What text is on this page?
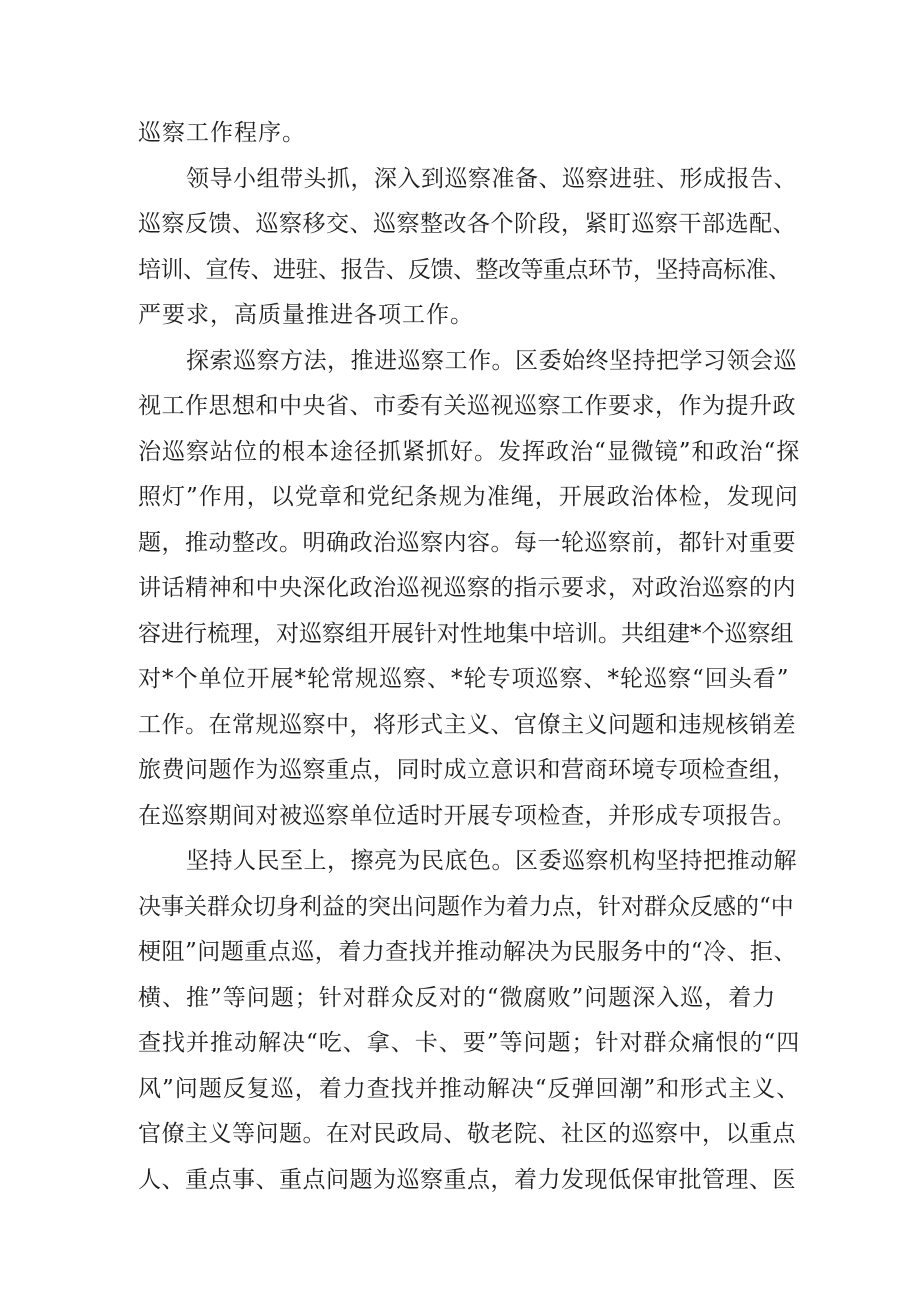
巡察工作程序。
领导小组带头抓，深入到巡察准备、巡察进驻、形成报告、
巡察反馈、巡察移交、巡察整改各个阶段，紧盯巡察干部选配、
培训、宣传、进驻、报告、反馈、整改等重点环节，坚持高标准、
严要求，高质量推进各项工作。
探索巡察方法，推进巡察工作。区委始终坚持把学习领会巡
视工作思想和中央省、市委有关巡视巡察工作要求，作为提升政
治巡察站位的根本途径抓紧抓好。发挥政治“显微镜”和政治“探
照灯”作用，以党章和党纪条规为准绳，开展政治体检，发现问
题，推动整改。明确政治巡察内容。每一轮巡察前，都针对重要
讲话精神和中央深化政治巡视巡察的指示要求，对政治巡察的内
容进行梳理，对巡察组开展针对性地集中培训。共组建*个巡察组
对*个单位开展*轮常规巡察、*轮专项巡察、*轮巡察“回头看”
工作。在常规巡察中，将形式主义、官僚主义问题和违规核销差
旅费问题作为巡察重点，同时成立意识和营商环境专项检查组，
在巡察期间对被巡察单位适时开展专项检查，并形成专项报告。
坚持人民至上，擦亮为民底色。区委巡察机构坚持把推动解
决事关群众切身利益的突出问题作为着力点，针对群众反感的“中
梗阻”问题重点巡，着力查找并推动解决为民服务中的“冷、拒、
横、推”等问题；针对群众反对的“微腐败”问题深入巡，着力
查找并推动解决“吃、拿、卡、要”等问题；针对群众痛恨的“四
风”问题反复巡，着力查找并推动解决“反弹回潮”和形式主义、
官僚主义等问题。在对民政局、敬老院、社区的巡察中，以重点
人、重点事、重点问题为巡察重点，着力发现低保审批管理、医
